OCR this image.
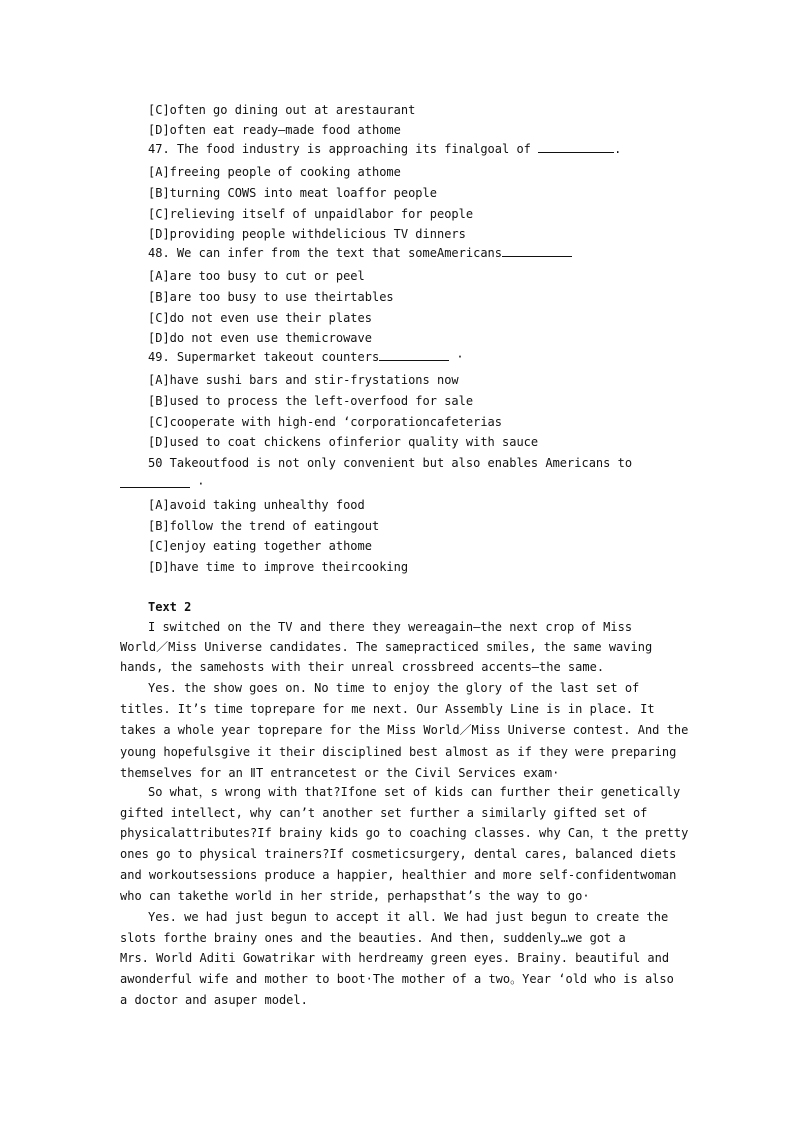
[C]often go dining out at arestaurant
[D]often eat ready—made food athome
47. The food industry is approaching its finalgoal of	.
[A]freeing people of cooking athome
[B]turning COWS into meat loaffor people
[C]relieving itself of unpaidlabor for people
[D]providing people withdelicious TV dinners
48. We can infer from the text that someAmericans
[A]are too busy to cut or peel
[B]are too busy to use theirtables
[C]do not even use their plates
[D]do not even use themicrowave
49. Supermarket takeout counters	·
[A]have sushi bars and stir-frystations now
[B]used to process the left-overfood for sale
[C]cooperate with high-end ‘corporationcafeterias
[D]used to coat chickens ofinferior quality with sauce
50 Takeoutfood is not only convenient but also enables Americans to
·
[A]avoid taking unhealthy food
[B]follow the trend of eatingout
[C]enjoy eating together athome
[D]have time to improve theircooking
Text 2
I switched on the TV and there they wereagain—the next crop of Miss
World／Miss Universe candidates. The samepracticed smiles, the same waving
hands, the samehosts with their unreal crossbreed accents—the same.
Yes. the show goes on. No time to enjoy the glory of the last set of
titles. It’s time toprepare for me next. Our Assembly Line is in place. It
takes a whole year toprepare for the Miss World／Miss Universe contest. And the
young hopefulsgive it their disciplined best almost as if they were preparing
themselves for an ⅡT entrancetest or the Civil Services exam·
So what，s wrong with that?Ifone set of kids can further their genetically
gifted intellect, why can’t another set further a similarly gifted set of
physicalattributes?If brainy kids go to coaching classes. why Can，t the pretty
ones go to physical trainers?If cosmeticsurgery, dental cares, balanced diets
and workoutsessions produce a happier, healthier and more self-confidentwoman
who can takethe world in her stride, perhapsthat’s the way to go·
Yes. we had just begun to accept it all. We had just begun to create the
slots forthe brainy ones and the beauties. And then, suddenly…we got a
Mrs. World Aditi Gowatrikar with herdreamy green eyes. Brainy. beautiful and
awonderful wife and mother to boot·The mother of a two。Year ‘old who is also
a doctor and asuper model.
